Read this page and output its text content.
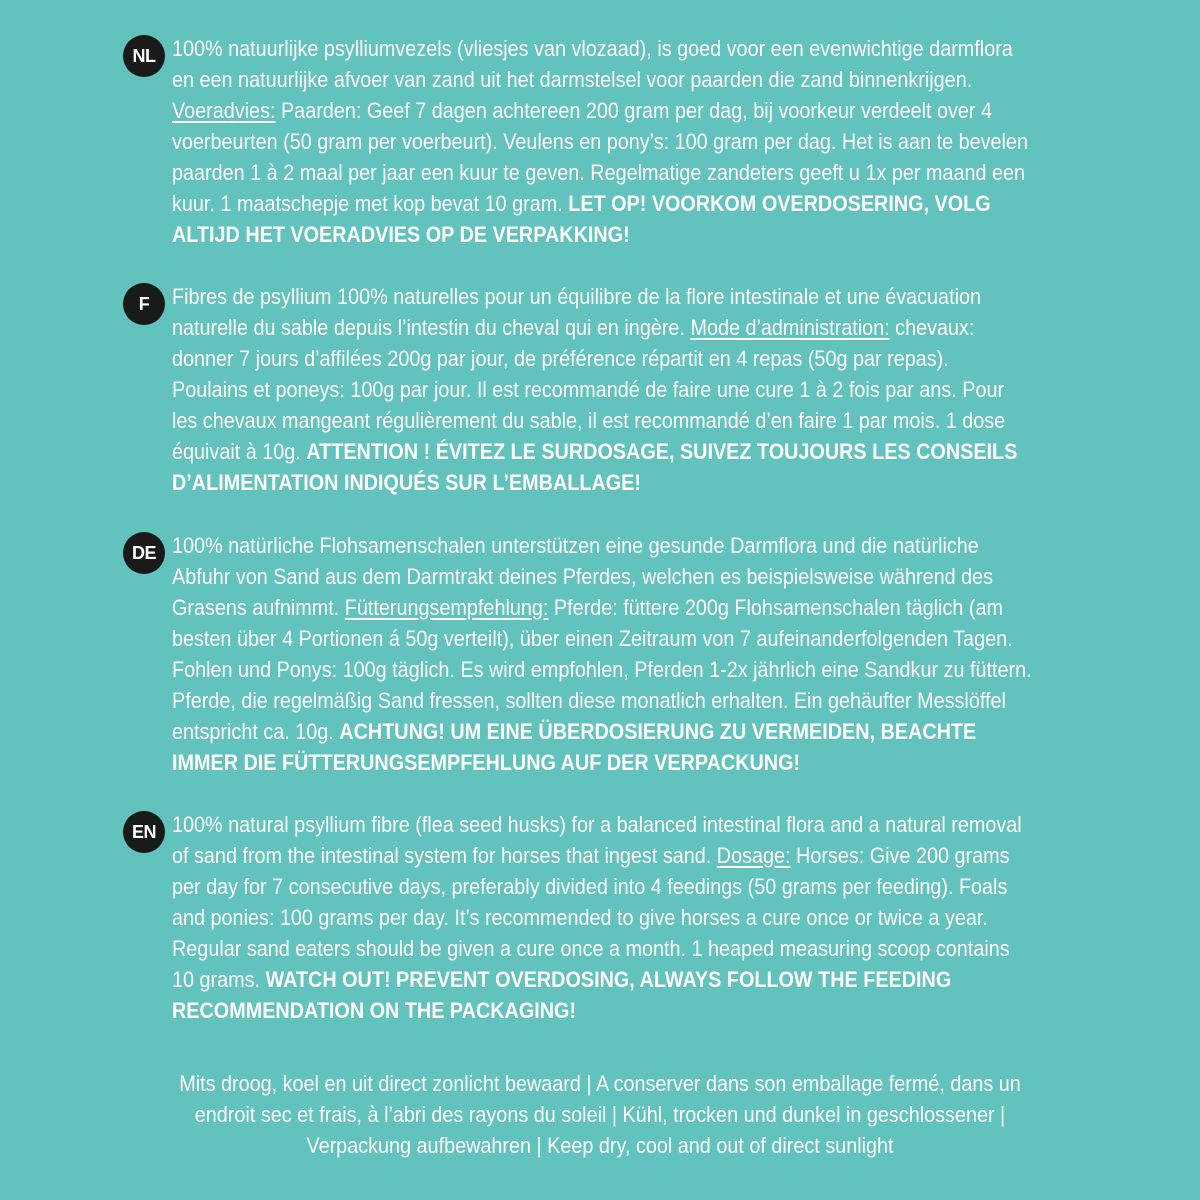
NL 100% natuurlijke psylliumvezels (vliesjes van vlozaad), is goed voor een evenwichtige darmflora
en een natuurlijke afvoer van zand uit het darmstelsel voor paarden die zand binnenkrijgen.
Voeradvies: Paarden: Geef 7 dagen achtereen 200 gram per dag, bij voorkeur verdeelt over 4
voerbeurten (50 gram per voerbeurt). Veulens en pony’s: 100 gram per dag. Het is aan te bevelen
paarden 1 à 2 maal per jaar een kuur te geven. Regelmatige zandeters geeft u 1x per maand een
kuur. 1 maatschepje met kop bevat 10 gram. LET OP! VOORKOM OVERDOSERING, VOLG
ALTIJD HET VOERADVIES OP DE VERPAKKING!
F Fibres de psyllium 100% naturelles pour un équilibre de la flore intestinale et une évacuation
naturelle du sable depuis l’intestin du cheval qui en ingère. Mode d’administration: chevaux:
donner 7 jours d’affilées 200g par jour, de préférence répartit en 4 repas (50g par repas).
Poulains et poneys: 100g par jour. Il est recommandé de faire une cure 1 à 2 fois par ans. Pour
les chevaux mangeant régulièrement du sable, il est recommandé d’en faire 1 par mois. 1 dose
équivait à 10g. ATTENTION ! ÉVITEZ LE SURDOSAGE, SUIVEZ TOUJOURS LES CONSEILS
D’ALIMENTATION INDIQUÉS SUR L’EMBALLAGE!
DE 100% natürliche Flohsamenschalen unterstützen eine gesunde Darmflora und die natürliche
Abfuhr von Sand aus dem Darmtrakt deines Pferdes, welchen es beispielsweise während des
Grasens aufnimmt. Fütterungsempfehlung: Pferde: füttere 200g Flohsamenschalen täglich (am
besten über 4 Portionen á 50g verteilt), über einen Zeitraum von 7 aufeinanderfolgenden Tagen.
Fohlen und Ponys: 100g täglich. Es wird empfohlen, Pferden 1-2x jährlich eine Sandkur zu füttern.
Pferde, die regelmäßig Sand fressen, sollten diese monatlich erhalten. Ein gehäufter Messlöffel
entspricht ca. 10g. ACHTUNG! UM EINE ÜBERDOSIERUNG ZU VERMEIDEN, BEACHTE
IMMER DIE FÜTTERUNGSEMPFEHLUNG AUF DER VERPACKUNG!
EN 100% natural psyllium fibre (flea seed husks) for a balanced intestinal flora and a natural removal
of sand from the intestinal system for horses that ingest sand. Dosage: Horses: Give 200 grams
per day for 7 consecutive days, preferably divided into 4 feedings (50 grams per feeding). Foals
and ponies: 100 grams per day. It’s recommended to give horses a cure once or twice a year.
Regular sand eaters should be given a cure once a month. 1 heaped measuring scoop contains
10 grams. WATCH OUT! PREVENT OVERDOSING, ALWAYS FOLLOW THE FEEDING
RECOMMENDATION ON THE PACKAGING!
Mits droog, koel en uit direct zonlicht bewaard | A conserver dans son emballage fermé, dans un
endroit sec et frais, à l’abri des rayons du soleil | Kühl, trocken und dunkel in geschlossener |
Verpackung aufbewahren | Keep dry, cool and out of direct sunlight
